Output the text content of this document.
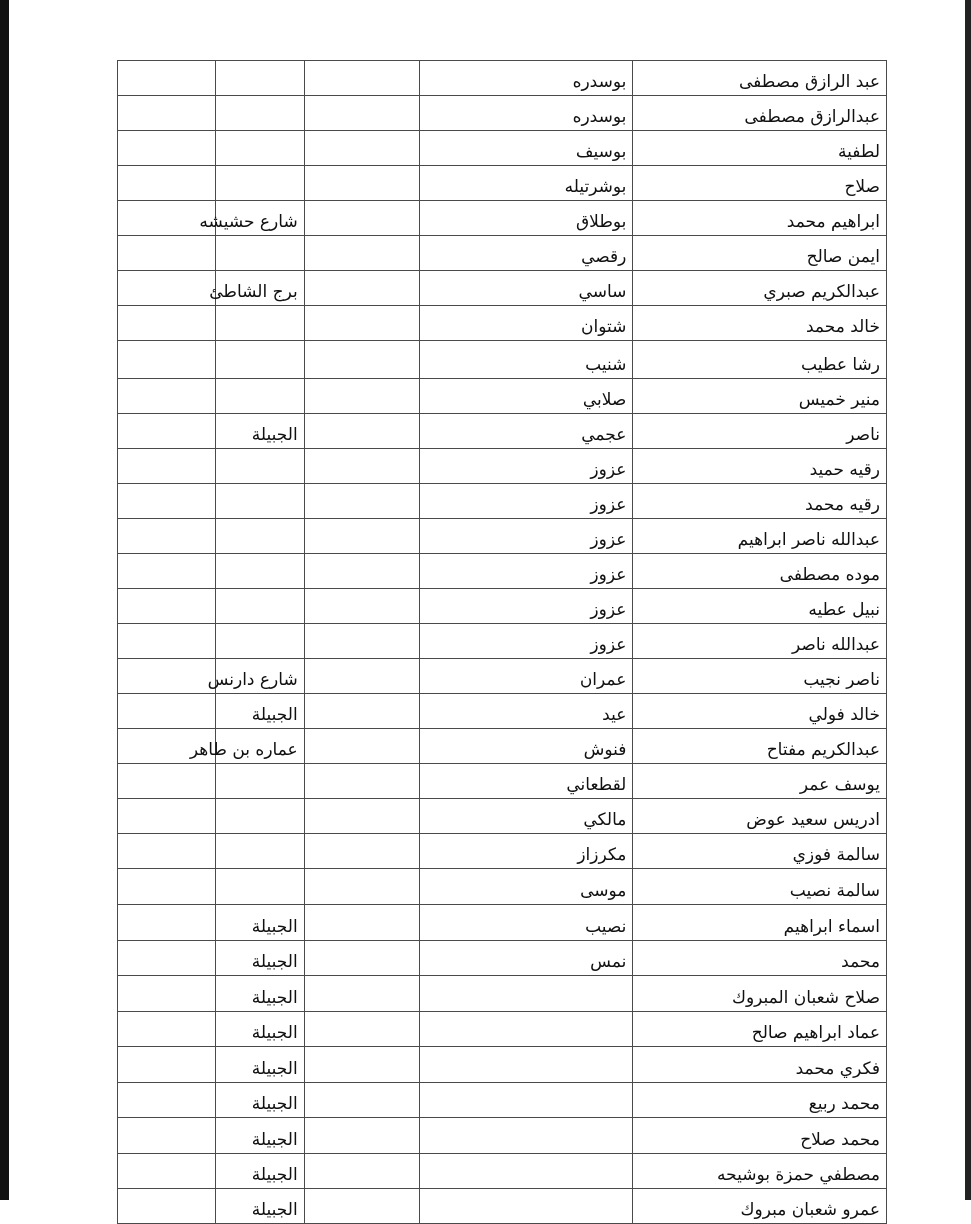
عبد الرازق مصطفى	بوسدره			
عبدالرازق مصطفى	بوسدره			
لطفية	بوسيف			
صلاح	بوشرتيله			
ابراهيم محمد	بوطلاق		شارع حشيشه	
ايمن صالح	رقصي			
عبدالكريم صبري	ساسي		برج الشاطئ	
خالد محمد	شتوان			
رشا عطيب	شنيب			
منير خميس	صلابي			
ناصر	عجمي		الجبيلة	
رقيه حميد	عزوز			
رقيه محمد	عزوز			
عبدالله ناصر ابراهيم	عزوز			
موده مصطفى	عزوز			
نبيل عطيه	عزوز			
عبدالله ناصر	عزوز			
ناصر نجيب	عمران		شارع دارنس	
خالد فولي	عيد		الجبيلة	
عبدالكريم مفتاح	فنوش		عماره بن طاهر	
يوسف عمر	لقطعاني			
ادريس سعيد عوض	مالكي			
سالمة فوزي	مكرزاز			
سالمة نصيب	موسى			
اسماء ابراهيم	نصيب		الجبيلة	
محمد	نمس		الجبيلة	
صلاح شعبان المبروك			الجبيلة	
عماد ابراهيم صالح			الجبيلة	
فكري محمد			الجبيلة	
محمد ربيع			الجبيلة	
محمد صلاح			الجبيلة	
مصطفي حمزة بوشيحه			الجبيلة	
عمرو شعبان مبروك			الجبيلة	
